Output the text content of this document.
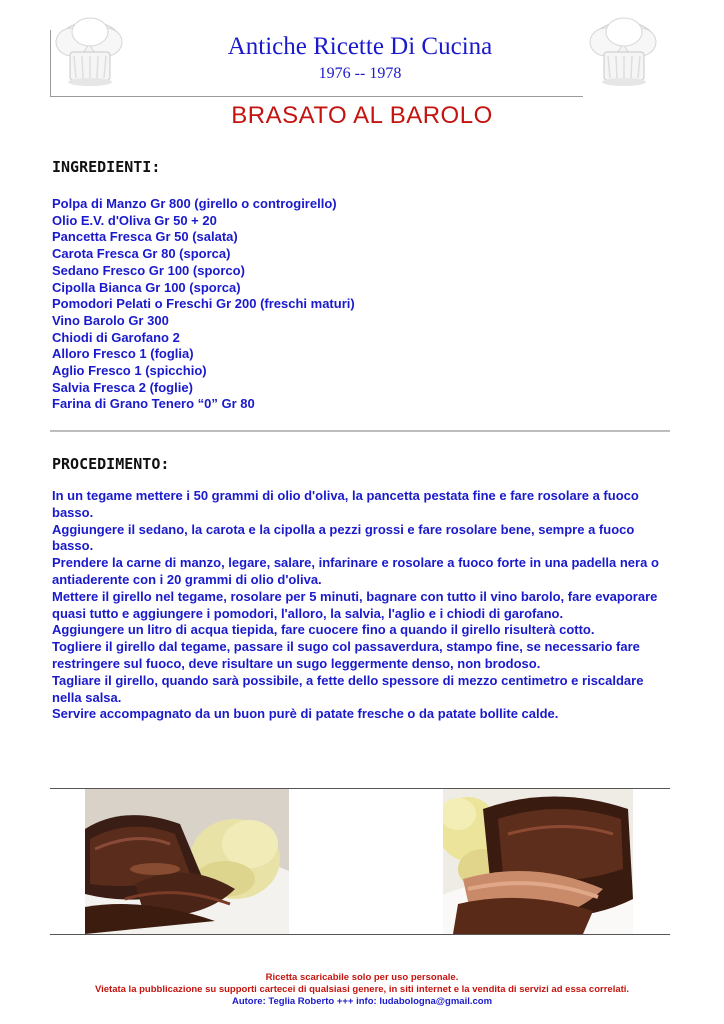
Antiche Ricette Di Cucina
1976 -- 1978
BRASATO AL BAROLO
INGREDIENTI:
Polpa di Manzo Gr 800 (girello o controgirello)
Olio E.V. d'Oliva Gr 50 + 20
Pancetta Fresca Gr 50 (salata)
Carota Fresca Gr 80 (sporca)
Sedano Fresco Gr 100 (sporco)
Cipolla Bianca Gr 100 (sporca)
Pomodori Pelati o Freschi Gr 200 (freschi maturi)
Vino Barolo Gr 300
Chiodi di Garofano 2
Alloro Fresco 1 (foglia)
Aglio Fresco 1 (spicchio)
Salvia Fresca 2 (foglie)
Farina di Grano Tenero “0” Gr 80
PROCEDIMENTO:

In un tegame mettere i 50 grammi di olio d'oliva, la pancetta pestata fine e fare rosolare a fuoco basso.

Aggiungere il sedano, la carota e la cipolla a pezzi grossi e fare rosolare bene, sempre a fuoco basso.

Prendere la carne di manzo, legare, salare, infarinare e rosolare a fuoco forte in una padella nera o antiaderente con i 20 grammi di olio d'oliva.

Mettere il girello nel tegame, rosolare per 5 minuti, bagnare con tutto il vino barolo, fare evaporare quasi tutto e aggiungere i pomodori, l'alloro, la salvia, l'aglio e i chiodi di garofano.

Aggiungere un litro di acqua tiepida, fare cuocere fino a quando il girello risulterà cotto.

Togliere il girello dal tegame, passare il sugo col passaverdura, stampo fine, se necessario fare restringere sul fuoco, deve risultare un sugo leggermente denso, non brodoso.

Tagliare il girello, quando sarà possibile, a fette dello spessore di mezzo centimetro e riscaldare nella salsa.

Servire accompagnato da un buon purè di patate fresche o da patate bollite calde.

Ricetta scaricabile solo per uso personale.
Vietata la pubblicazione su supporti cartecei di qualsiasi genere, in siti internet e la vendita di servizi ad essa correlati.
Autore: Teglia Roberto +++ info: ludabologna@gmail.com
